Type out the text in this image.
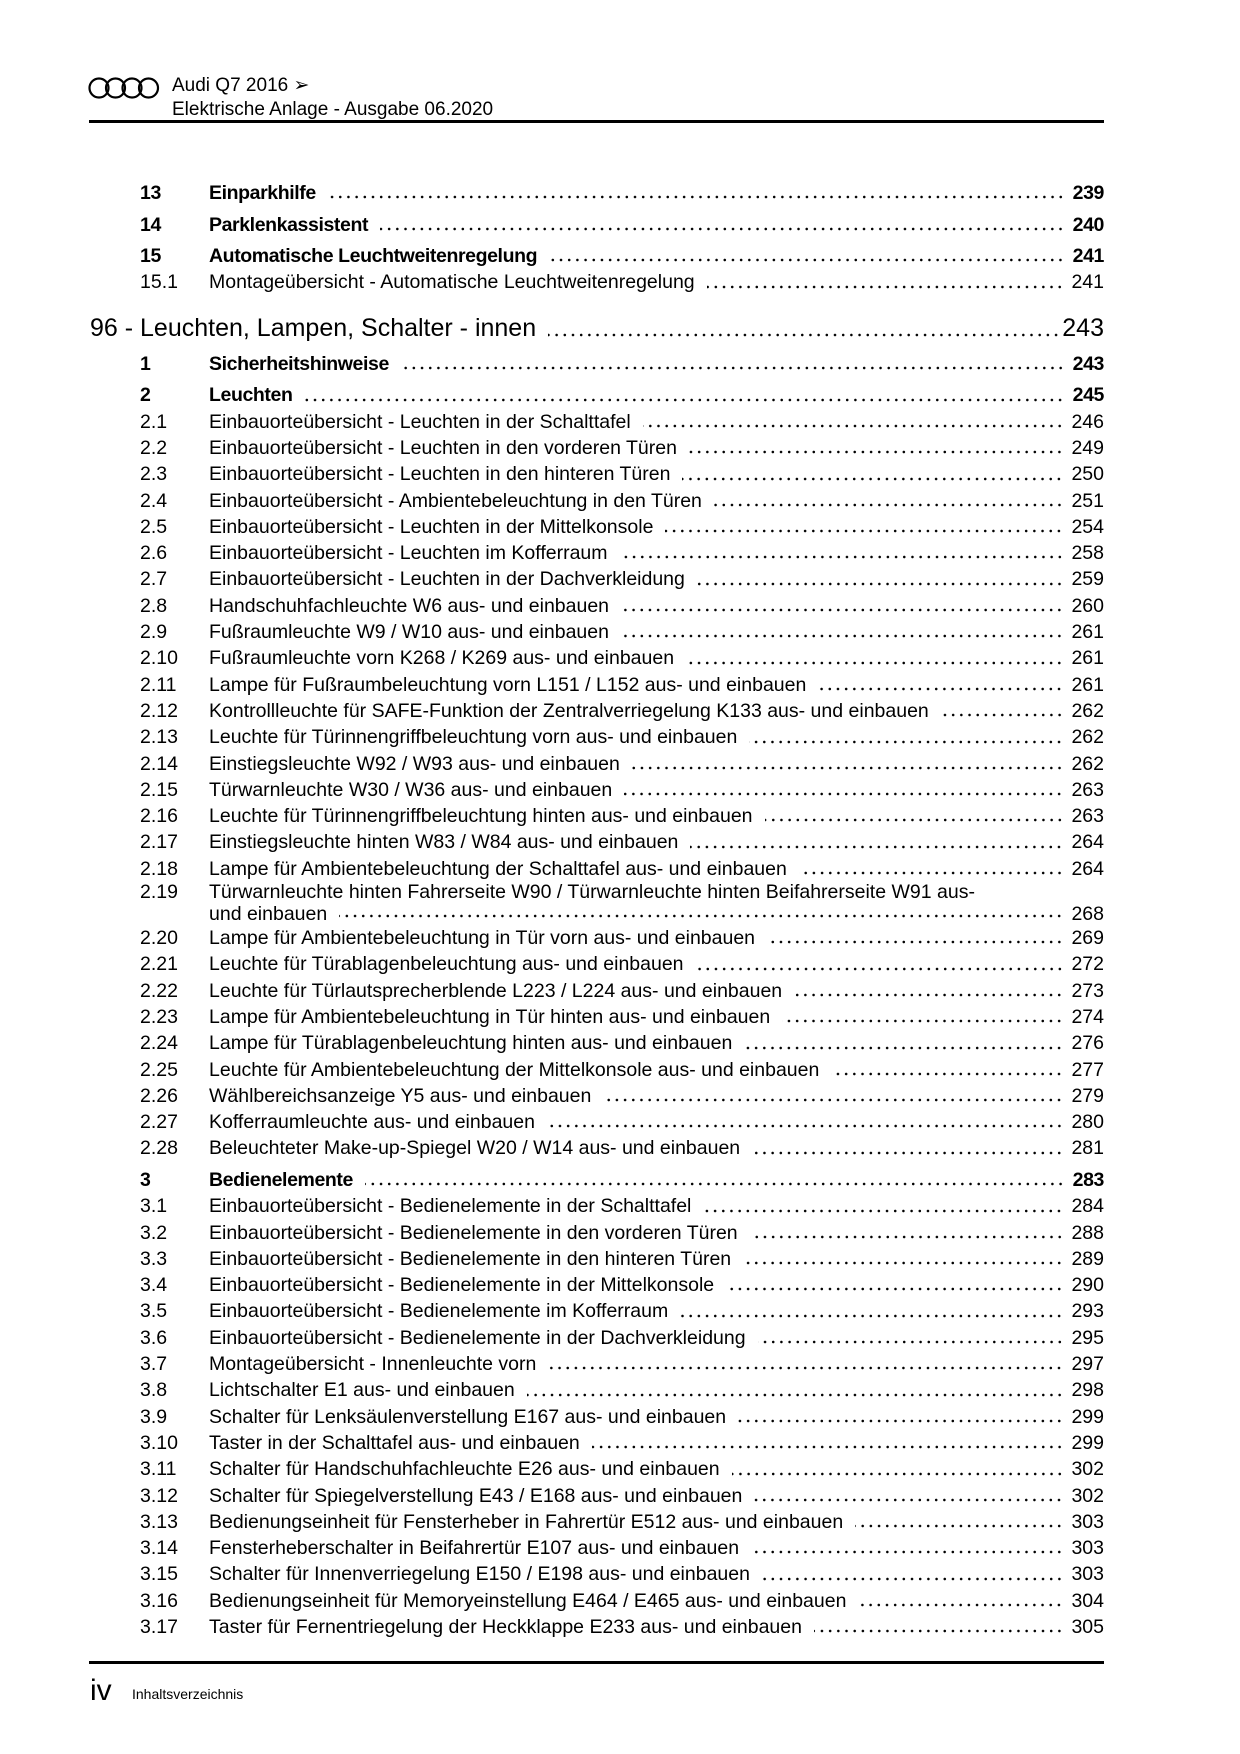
Audi Q7 2016 ➢
Elektrische Anlage - Ausgabe 06.2020
13 Einparkhilfe	239
14 Parklenkassistent	240
15 Automatische Leuchtweitenregelung	241
15.1 Montageübersicht - Automatische Leuchtweitenregelung	241
96 - Leuchten, Lampen, Schalter - innen	243
1	Sicherheitshinweise	243
2	Leuchten	245
2.1 Einbauorteübersicht - Leuchten in der Schalttafel	246
2.2 Einbauorteübersicht - Leuchten in den vorderen Türen	249
2.3 Einbauorteübersicht - Leuchten in den hinteren Türen	250
2.4 Einbauorteübersicht - Ambientebeleuchtung in den Türen	251
2.5 Einbauorteübersicht - Leuchten in der Mittelkonsole	254
2.6 Einbauorteübersicht - Leuchten im Kofferraum	258
2.7 Einbauorteübersicht - Leuchten in der Dachverkleidung	259
2.8 Handschuhfachleuchte W6 aus- und einbauen	260
2.9 Fußraumleuchte W9 / W10 aus- und einbauen	261
2.10 Fußraumleuchte vorn K268 / K269 aus- und einbauen	261
2.11 Lampe für Fußraumbeleuchtung vorn L151 / L152 aus- und einbauen	261
2.12 Kontrollleuchte für SAFE-Funktion der Zentralverriegelung K133 aus- und einbauen	262
2.13 Leuchte für Türinnengriffbeleuchtung vorn aus- und einbauen	262
2.14 Einstiegsleuchte W92 / W93 aus- und einbauen	262
2.15 Türwarnleuchte W30 / W36 aus- und einbauen	263
2.16 Leuchte für Türinnengriffbeleuchtung hinten aus- und einbauen	263
2.17 Einstiegsleuchte hinten W83 / W84 aus- und einbauen	264
2.18 Lampe für Ambientebeleuchtung der Schalttafel aus- und einbauen	264
2.19 Türwarnleuchte hinten Fahrerseite W90 / Türwarnleuchte hinten Beifahrerseite W91 aus-
und einbauen	268
2.20 Lampe für Ambientebeleuchtung in Tür vorn aus- und einbauen	269
2.21 Leuchte für Türablagenbeleuchtung aus- und einbauen	272
2.22 Leuchte für Türlautsprecherblende L223 / L224 aus- und einbauen	273
2.23 Lampe für Ambientebeleuchtung in Tür hinten aus- und einbauen	274
2.24 Lampe für Türablagenbeleuchtung hinten aus- und einbauen	276
2.25 Leuchte für Ambientebeleuchtung der Mittelkonsole aus- und einbauen	277
2.26 Wählbereichsanzeige Y5 aus- und einbauen	279
2.27 Kofferraumleuchte aus- und einbauen	280
2.28 Beleuchteter Make-up-Spiegel W20 / W14 aus- und einbauen	281
3	Bedienelemente	283
3.1 Einbauorteübersicht - Bedienelemente in der Schalttafel	284
3.2 Einbauorteübersicht - Bedienelemente in den vorderen Türen	288
3.3 Einbauorteübersicht - Bedienelemente in den hinteren Türen	289
3.4 Einbauorteübersicht - Bedienelemente in der Mittelkonsole	290
3.5 Einbauorteübersicht - Bedienelemente im Kofferraum	293
3.6 Einbauorteübersicht - Bedienelemente in der Dachverkleidung	295
3.7 Montageübersicht - Innenleuchte vorn	297
3.8 Lichtschalter E1 aus- und einbauen	298
3.9 Schalter für Lenksäulenverstellung E167 aus- und einbauen	299
3.10 Taster in der Schalttafel aus- und einbauen	299
3.11 Schalter für Handschuhfachleuchte E26 aus- und einbauen	302
3.12 Schalter für Spiegelverstellung E43 / E168 aus- und einbauen	302
3.13 Bedienungseinheit für Fensterheber in Fahrertür E512 aus- und einbauen	303
3.14 Fensterheberschalter in Beifahrertür E107 aus- und einbauen	303
3.15 Schalter für Innenverriegelung E150 / E198 aus- und einbauen	303
3.16 Bedienungseinheit für Memoryeinstellung E464 / E465 aus- und einbauen	304
3.17 Taster für Fernentriegelung der Heckklappe E233 aus- und einbauen	305
iv Inhaltsverzeichnis
